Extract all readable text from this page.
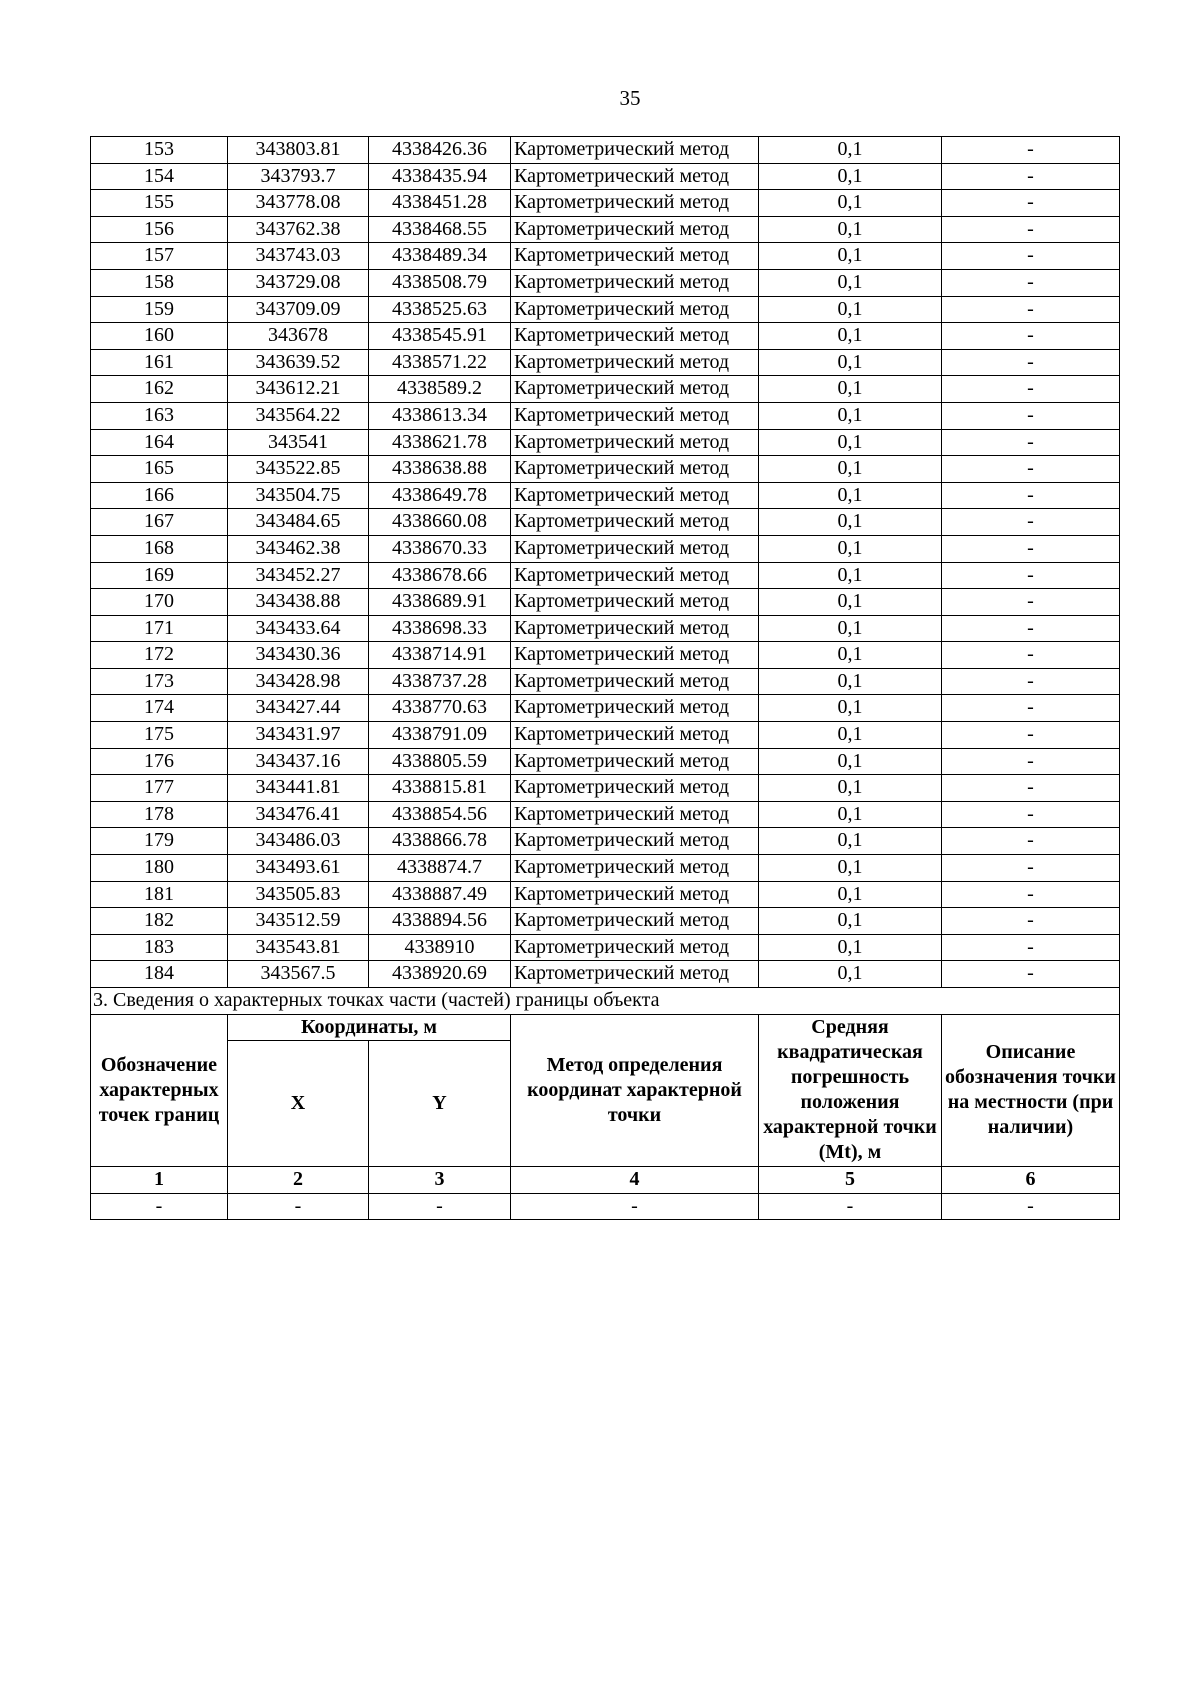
35
153	343803.81	4338426.36	Картометрический метод	0,1	-
154	343793.7	4338435.94	Картометрический метод	0,1	-
155	343778.08	4338451.28	Картометрический метод	0,1	-
156	343762.38	4338468.55	Картометрический метод	0,1	-
157	343743.03	4338489.34	Картометрический метод	0,1	-
158	343729.08	4338508.79	Картометрический метод	0,1	-
159	343709.09	4338525.63	Картометрический метод	0,1	-
160	343678	4338545.91	Картометрический метод	0,1	-
161	343639.52	4338571.22	Картометрический метод	0,1	-
162	343612.21	4338589.2	Картометрический метод	0,1	-
163	343564.22	4338613.34	Картометрический метод	0,1	-
164	343541	4338621.78	Картометрический метод	0,1	-
165	343522.85	4338638.88	Картометрический метод	0,1	-
166	343504.75	4338649.78	Картометрический метод	0,1	-
167	343484.65	4338660.08	Картометрический метод	0,1	-
168	343462.38	4338670.33	Картометрический метод	0,1	-
169	343452.27	4338678.66	Картометрический метод	0,1	-
170	343438.88	4338689.91	Картометрический метод	0,1	-
171	343433.64	4338698.33	Картометрический метод	0,1	-
172	343430.36	4338714.91	Картометрический метод	0,1	-
173	343428.98	4338737.28	Картометрический метод	0,1	-
174	343427.44	4338770.63	Картометрический метод	0,1	-
175	343431.97	4338791.09	Картометрический метод	0,1	-
176	343437.16	4338805.59	Картометрический метод	0,1	-
177	343441.81	4338815.81	Картометрический метод	0,1	-
178	343476.41	4338854.56	Картометрический метод	0,1	-
179	343486.03	4338866.78	Картометрический метод	0,1	-
180	343493.61	4338874.7	Картометрический метод	0,1	-
181	343505.83	4338887.49	Картометрический метод	0,1	-
182	343512.59	4338894.56	Картометрический метод	0,1	-
183	343543.81	4338910	Картометрический метод	0,1	-
184	343567.5	4338920.69	Картометрический метод	0,1	-
3. Сведения о характерных точках части (частей) границы объекта					
Обозначение характерных точек границ	Координаты, м		Метод определения координат характерной точки	Средняя квадратическая погрешность положения характерной точки (Mt), м	Описание обозначения точки на местности (при наличии)
	X	Y			
1	2	3	4	5	6
-	-	-	-	-	-
